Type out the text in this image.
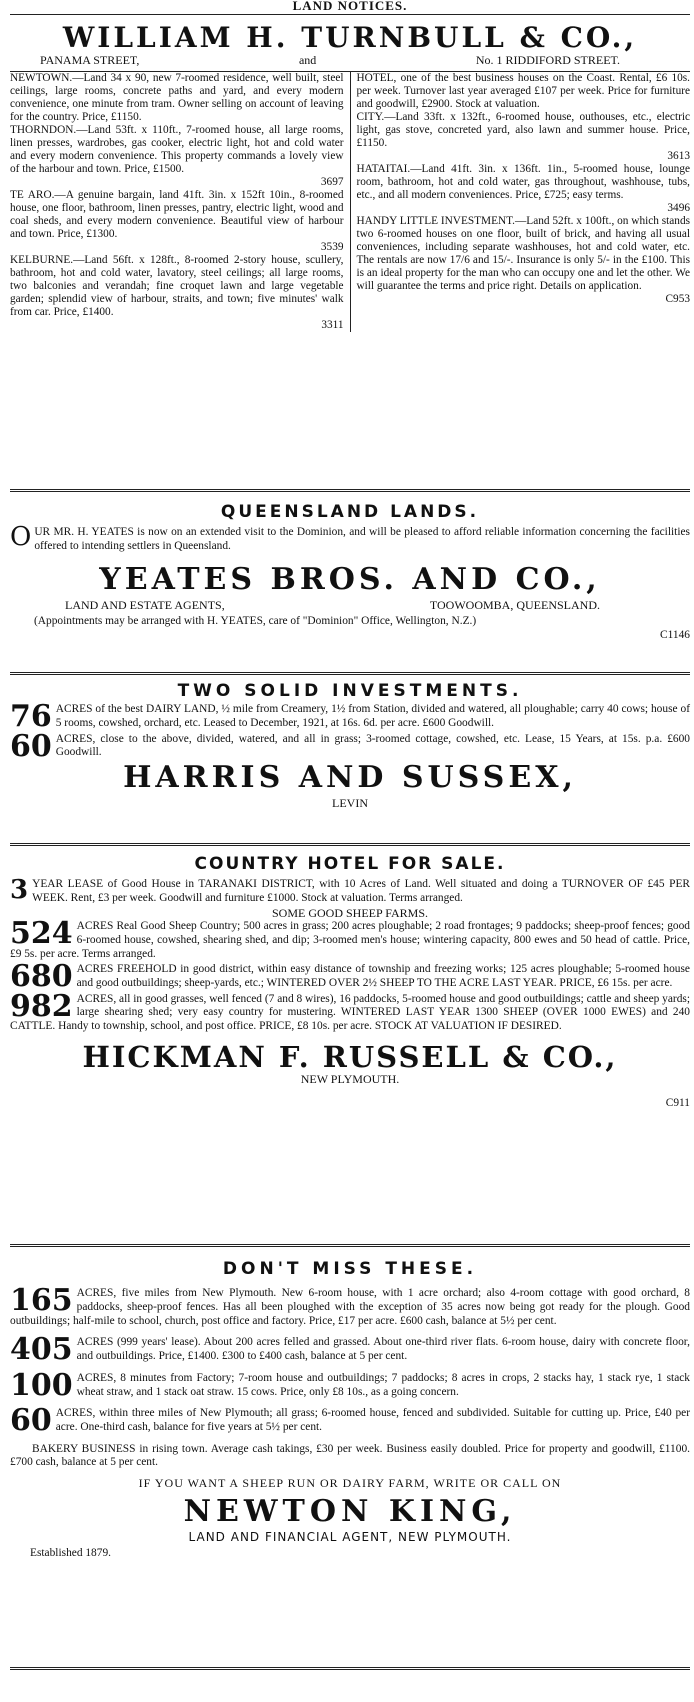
LAND NOTICES.
WILLIAM H. TURNBULL & CO.,
PANAMA STREET,	and	No. 1 RIDDIFORD STREET.
NEWTOWN.—Land 34 x 90, new 7-roomed residence, well built, steel ceilings, large rooms, concrete paths and yard, and every modern convenience, one minute from tram. Owner selling on account of leaving for the country. Price, £1150.
THORNDON.—Land 53ft. x 110ft., 7-roomed house, all large rooms, linen presses, wardrobes, gas cooker, electric light, hot and cold water and every modern convenience. This property commands a lovely view of the harbour and town. Price, £1500.
3697
TE ARO.—A genuine bargain, land 41ft. 3in. x 152ft 10in., 8-roomed house, one floor, bathroom, linen presses, pantry, electric light, wood and coal sheds, and every modern convenience. Beautiful view of harbour and town. Price, £1300.
3539
KELBURNE.—Land 56ft. x 128ft., 8-roomed 2-story house, scullery, bathroom, hot and cold water, lavatory, steel ceilings; all large rooms, two balconies and verandah; fine croquet lawn and large vegetable garden; splendid view of harbour, straits, and town; five minutes' walk from car. Price, £1400.
3311
HOTEL, one of the best business houses on the Coast. Rental, £6 10s. per week. Turnover last year averaged £107 per week. Price for furniture and goodwill, £2900. Stock at valuation.
CITY.—Land 33ft. x 132ft., 6-roomed house, outhouses, etc., electric light, gas stove, concreted yard, also lawn and summer house. Price, £1150.
3613
HATAITAI.—Land 41ft. 3in. x 136ft. 1in., 5-roomed house, lounge room, bathroom, hot and cold water, gas throughout, washhouse, tubs, etc., and all modern conveniences. Price, £725; easy terms.
3496
HANDY LITTLE INVESTMENT.—Land 52ft. x 100ft., on which stands two 6-roomed houses on one floor, built of brick, and having all usual conveniences, including separate washhouses, hot and cold water, etc. The rentals are now 17/6 and 15/-. Insurance is only 5/- in the £100. This is an ideal property for the man who can occupy one and let the other. We will guarantee the terms and price right. Details on application.
C953
QUEENSLAND LANDS.
OUR MR. H. YEATES is now on an extended visit to the Dominion, and will be pleased to afford reliable information concerning the facilities offered to intending settlers in Queensland.
YEATES BROS. AND CO.,
LAND AND ESTATE AGENTS,	TOOWOOMBA, QUEENSLAND.
(Appointments may be arranged with H. YEATES, care of "Dominion" Office, Wellington, N.Z.)
C1146
TWO SOLID INVESTMENTS.
76 ACRES of the best DAIRY LAND, ½ mile from Creamery, 1½ from Station, divided and watered, all ploughable; carry 40 cows; house of 5 rooms, cowshed, orchard, etc. Leased to December, 1921, at 16s. 6d. per acre. £600 Goodwill.
60 ACRES, close to the above, divided, watered, and all in grass; 3-roomed cottage, cowshed, etc. Lease, 15 Years, at 15s. p.a. £600 Goodwill.
HARRIS AND SUSSEX,
LEVIN
COUNTRY HOTEL FOR SALE.
3 YEAR LEASE of Good House in TARANAKI DISTRICT, with 10 Acres of Land. Well situated and doing a TURNOVER OF £45 PER WEEK. Rent, £3 per week. Goodwill and furniture £1000. Stock at valuation. Terms arranged.
SOME GOOD SHEEP FARMS.
524 ACRES Real Good Sheep Country; 500 acres in grass; 200 acres ploughable; 2 road frontages; 9 paddocks; sheep-proof fences; good 6-roomed house, cowshed, shearing shed, and dip; 3-roomed men's house; wintering capacity, 800 ewes and 50 head of cattle. Price, £9 5s. per acre. Terms arranged.
680 ACRES FREEHOLD in good district, within easy distance of township and freezing works; 125 acres ploughable; 5-roomed house and good outbuildings; sheep-yards, etc.; WINTERED OVER 2½ SHEEP TO THE ACRE LAST YEAR. PRICE, £6 15s. per acre.
982 ACRES, all in good grasses, well fenced (7 and 8 wires), 16 paddocks, 5-roomed house and good outbuildings; cattle and sheep yards; large shearing shed; very easy country for mustering. WINTERED LAST YEAR 1300 SHEEP (OVER 1000 EWES) and 240 CATTLE. Handy to township, school, and post office. PRICE, £8 10s. per acre. STOCK AT VALUATION IF DESIRED.
HICKMAN F. RUSSELL & CO.,
NEW PLYMOUTH.
C911
DON'T MISS THESE.
165 ACRES, five miles from New Plymouth. New 6-room house, with 1 acre orchard; also 4-room cottage with good orchard, 8 paddocks, sheep-proof fences. Has all been ploughed with the exception of 35 acres now being got ready for the plough. Good outbuildings; half-mile to school, church, post office and factory. Price, £17 per acre. £600 cash, balance at 5½ per cent.
405 ACRES (999 years' lease). About 200 acres felled and grassed. About one-third river flats. 6-room house, dairy with concrete floor, and outbuildings. Price, £1400. £300 to £400 cash, balance at 5 per cent.
100 ACRES, 8 minutes from Factory; 7-room house and outbuildings; 7 paddocks; 8 acres in crops, 2 stacks hay, 1 stack rye, 1 stack wheat straw, and 1 stack oat straw. 15 cows. Price, only £8 10s., as a going concern.
60 ACRES, within three miles of New Plymouth; all grass; 6-roomed house, fenced and subdivided. Suitable for cutting up. Price, £40 per acre. One-third cash, balance for five years at 5½ per cent.
BAKERY BUSINESS in rising town. Average cash takings, £30 per week. Business easily doubled. Price for property and goodwill, £1100. £700 cash, balance at 5 per cent.
IF YOU WANT A SHEEP RUN OR DAIRY FARM, WRITE OR CALL ON
NEWTON KING,
LAND AND FINANCIAL AGENT, NEW PLYMOUTH.
Established 1879.
